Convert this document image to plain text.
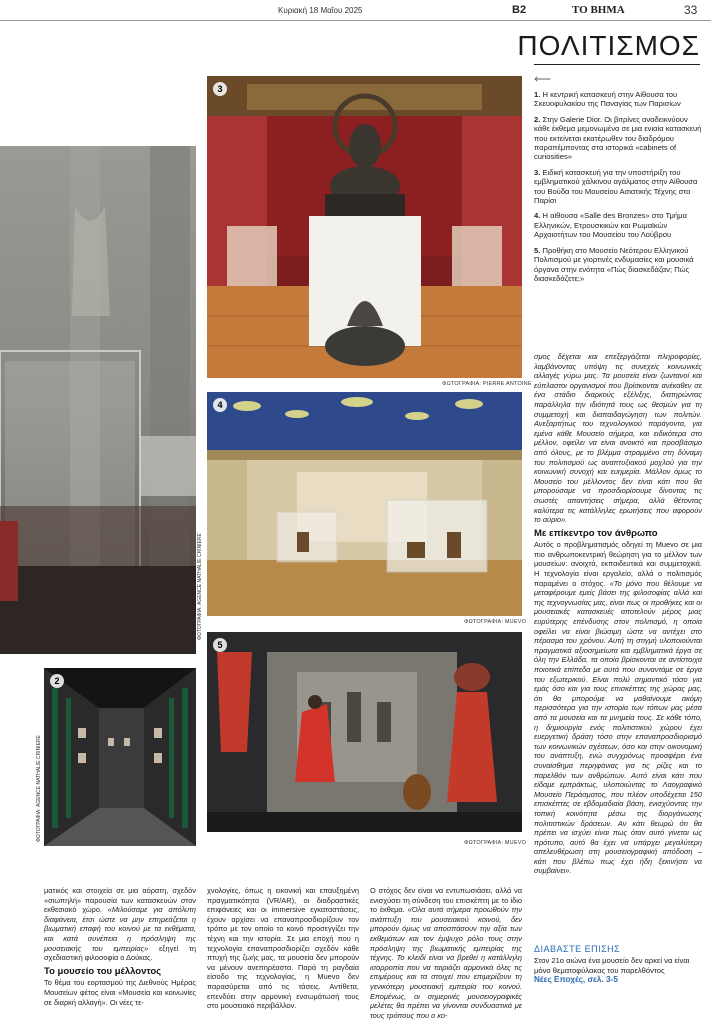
Κυριακή 18 Μαΐου 2025	Β2	ΤΟ ΒΗΜΑ	33
ΠΟΛΙΤΙΣΜΟΣ
2
ΦΩΤΟΓΡΑΦΙΑ: AGENCE NATHALIE CRINIERE
3
ΦΩΤΟΓΡΑΦΙΑ: PIERRE ANTOINE
4
ΦΩΤΟΓΡΑΦΙΑ: AGENCE NATHALIE CRINIERE	ΦΩΤΟΓΡΑΦΙΑ: MUEVO
5
ΦΩΤΟΓΡΑΦΙΑ: MUEVO
⟵
1. Η κεντρική κατασκευή στην Αίθουσα του Σκευοφυλακίου της Παναγίας των Παρισίων
2. Στην Galerie Dior. Οι βιτρίνες αναδεικνύουν κάθε έκθεμα μεμονωμένα σε μια ενιαία κατασκευή που εκτείνεται εκατέρωθεν του διαδρόμου παραπέμποντας στα ιστορικά «cabinets of curiosities»
3. Ειδική κατασκευή για την υποστήριξη του εμβληματικού χάλκινου αγάλματος στην Αίθουσα του Βούδα του Μουσείου Ασιατικής Τέχνης στο Παρίσι
4. Η αίθουσα «Salle des Bronzes» στο Τμήμα Ελληνικών, Ετρουσκικών και Ρωμαϊκών Αρχαιοτήτων του Μουσείου του Λούβρου
5. Προθήκη στο Μουσείο Νεότερου Ελληνικού Πολιτισμού με γιορτινές ενδυμασίες και μουσικά όργανα στην ενότητα «Πώς διασκεδάζαν; Πώς διασκεδάζετε;»

ματικός και στοιχεία σε μια αόρατη, σχεδόν «σιωπηλή» παρουσία των κατασκευών στον εκθεσιακό χώρο. «Μιλούσαμε για απόλυτη διαφάνεια, έτσι ώστε να μην επηρεάζεται η βιωματική επαφή του κοινού με τα εκθέματα, και κατά συνέπεια η πρόσληψη της μουσειακής του εμπειρίας» εξηγεί τη σχεδιαστική φιλοσοφία ο Δούκας.

Το μουσείο του μέλλοντος

Το θέμα του εορτασμού της Διεθνούς Ημέρας Μουσείων φέτος είναι «Μουσεία και κοινωνίες σε διαρκή αλλαγή». Οι νέες τε-

χνολογίες, όπως η εικονική και επαυξημένη πραγματικότητα (VR/AR), οι διαδραστικές επιφάνειες και οι immersive εγκαταστάσεις, έχουν αρχίσει να επαναπροσδιορίζουν τον τρόπο με τον οποίο το κοινό προσεγγίζει την τέχνη και την ιστορία. Σε μια εποχή που η τεχνολογία επαναπροσδιορίζει σχεδόν κάθε πτυχή της ζωής μας, τα μουσεία δεν μπορούν να μένουν ανεπηρέαστα. Παρά τη ραγδαία είσοδο της τεχνολογίας, η Muevo δεν παρασύρεται από τις τάσεις. Αντίθετα, επενδύει στην αρμονική ενσωμάτωσή τους στο μουσειακό περιβάλλον.

Ο στόχος δεν είναι να εντυπωσιάσει, αλλά να ενισχύσει τη σύνδεση του επισκέπτη με το ίδιο το έκθεμα. «Όλα αυτά σήμερα προωθούν την ανάπτυξη του μουσειακού κοινού, δεν μπορούν όμως να αποσπάσουν την αξία των εκθεμάτων και τον έμψυχο ρόλο τους στην πρόσληψη της βιωματικής εμπειρίας της τέχνης. Το κλειδί είναι να βρεθεί η κατάλληλη ισορροπία που να ταιριάζει αρμονικά όλες τις επιμέρους και τα στοιχεί που επιμερίζουν τη γενικότερη μουσειακή εμπειρία του κοινού. Επομένως, οι σημερινές μουσειογραφικές μελέτες θα πρέπει να γίνονται συνδυαστικά με τους τρόπους που ο κο-

σμος δέχεται και επεξεργάζεται πληροφορίες, λαμβάνοντας υπόψη τις συνεχείς κοινωνικές αλλαγές γύρω μας. Τα μουσεία είναι ζωντανοί και εύπλαστοι οργανισμοί που βρίσκονται ανέκαθεν σε ένα στάδιο διαρκούς εξέλιξης, διατηρώντας παράλληλα την ιδιότητά τους ως θεσμών για τη συμμετοχή και διαπαιδαγώγηση των πολιτών. Ανεξαρτήτως του τεχνολογικού παράγοντα, για εμένα κάθε Μουσείο σήμερα, και ειδικότερα στο μέλλον, οφείλει να είναι ανοικτό και προσβάσιμο από όλους, με το βλέμμα στραμμένο στη δύναμη του πολιτισμού ως αναπτυξιακού μοχλού για την κοινωνική συνοχή και ευημερία. Μάλλον όμως το Μουσείο του μέλλοντος δεν είναι κάτι που θα μπορούσαμε να προσδιορίσουμε δίνοντας τις σωστές απαντήσεις σήμερα, αλλά θέτοντας καλύτερα τις κατάλληλες ερωτήσεις που αφορούν το αύριο».

Με επίκεντρο τον άνθρωπο

Αυτός ο προβληματισμός οδηγεί τη Muevo σε μια πιο ανθρωποκεντρική θεώρηση για το μέλλον των μουσείων: ανοιχτά, εκπαιδευτικά και συμμετοχικά. Η τεχνολογία είναι εργαλείο, αλλά ο πολιτισμός παραμένει ο στόχος. «Το μόνο που θέλουμε να μεταφέρουμε εμείς βάσει της φιλοσοφίας αλλά και της τεχνογνωσίας μας, είναι πως οι προθήκες και οι μουσειακές κατασκευές αποτελούν μέρος μιας ευρύτερης επένδυσης στον πολιτισμό, η οποία οφείλει να είναι βιώσιμη ώστε να αντέχει στο πέρασμα του χρόνου. Αυτή τη στιγμή υλοποιούνται πραγματικά αξιοσημείωτα και εμβληματικά έργα σε όλη την Ελλάδα, τα οποία βρίσκονται σε αντίστοιχα ποιοτικά επίπεδα με αυτά που συναντάμε σε έργα του εξωτερικού. Είναι πολύ σημαντικό τόσο για εμάς όσο και για τους επισκέπτες της χώρας μας, ότι θα μπορούμε να μαθαίνουμε ακόμη περισσότερα για την ιστορία των τόπων μας μέσα από τα μουσεία και τα μνημεία τους. Σε κάθε τόπο, η δημιουργία ενός πολιτιστικού χώρου έχει ευεργετική δράση τόσο στην επαναπροσδιορισμό των κοινωνικών σχέσεων, όσο και στην οικονομική του ανάπτυξη, ενώ συγχρόνως προσφέρει ένα συναίσθημα περηφάνιας για τις ρίζες και το παρελθόν των ανθρώπων. Αυτό είναι κάτι που είδαμε εμπράκτως, υλοποιώντας το Λαογραφικό Μουσείο Περάσματος, που πλέον υποδέχεται 150 επισκέπτες σε εβδομαδιαία βάση, ενισχύοντας την τοπική κοινότητα μέσω της διοργάνωσης πολιτιστικών δράσεων. Αν κάτι θεωρώ ότι θα πρέπει να ισχύει είναι πως όταν αυτό γίνεται ως πρότυπο, αυτό θα έχει να υπάρχει μεγαλύτερη απελευθέρωση στη μουσειογραφική απόδοση – κάτι που βλέπω πως έχει ήδη ξεκινήσει να συμβαίνει».

ΔΙΑΒΑΣΤΕ ΕΠΙΣΗΣ
Στον 21ο αιώνα ένα μουσείο δεν αρκεί να είναι μόνο θεματοφύλακας του παρελθόντος
Νέες Εποχές, σελ. 3-5
